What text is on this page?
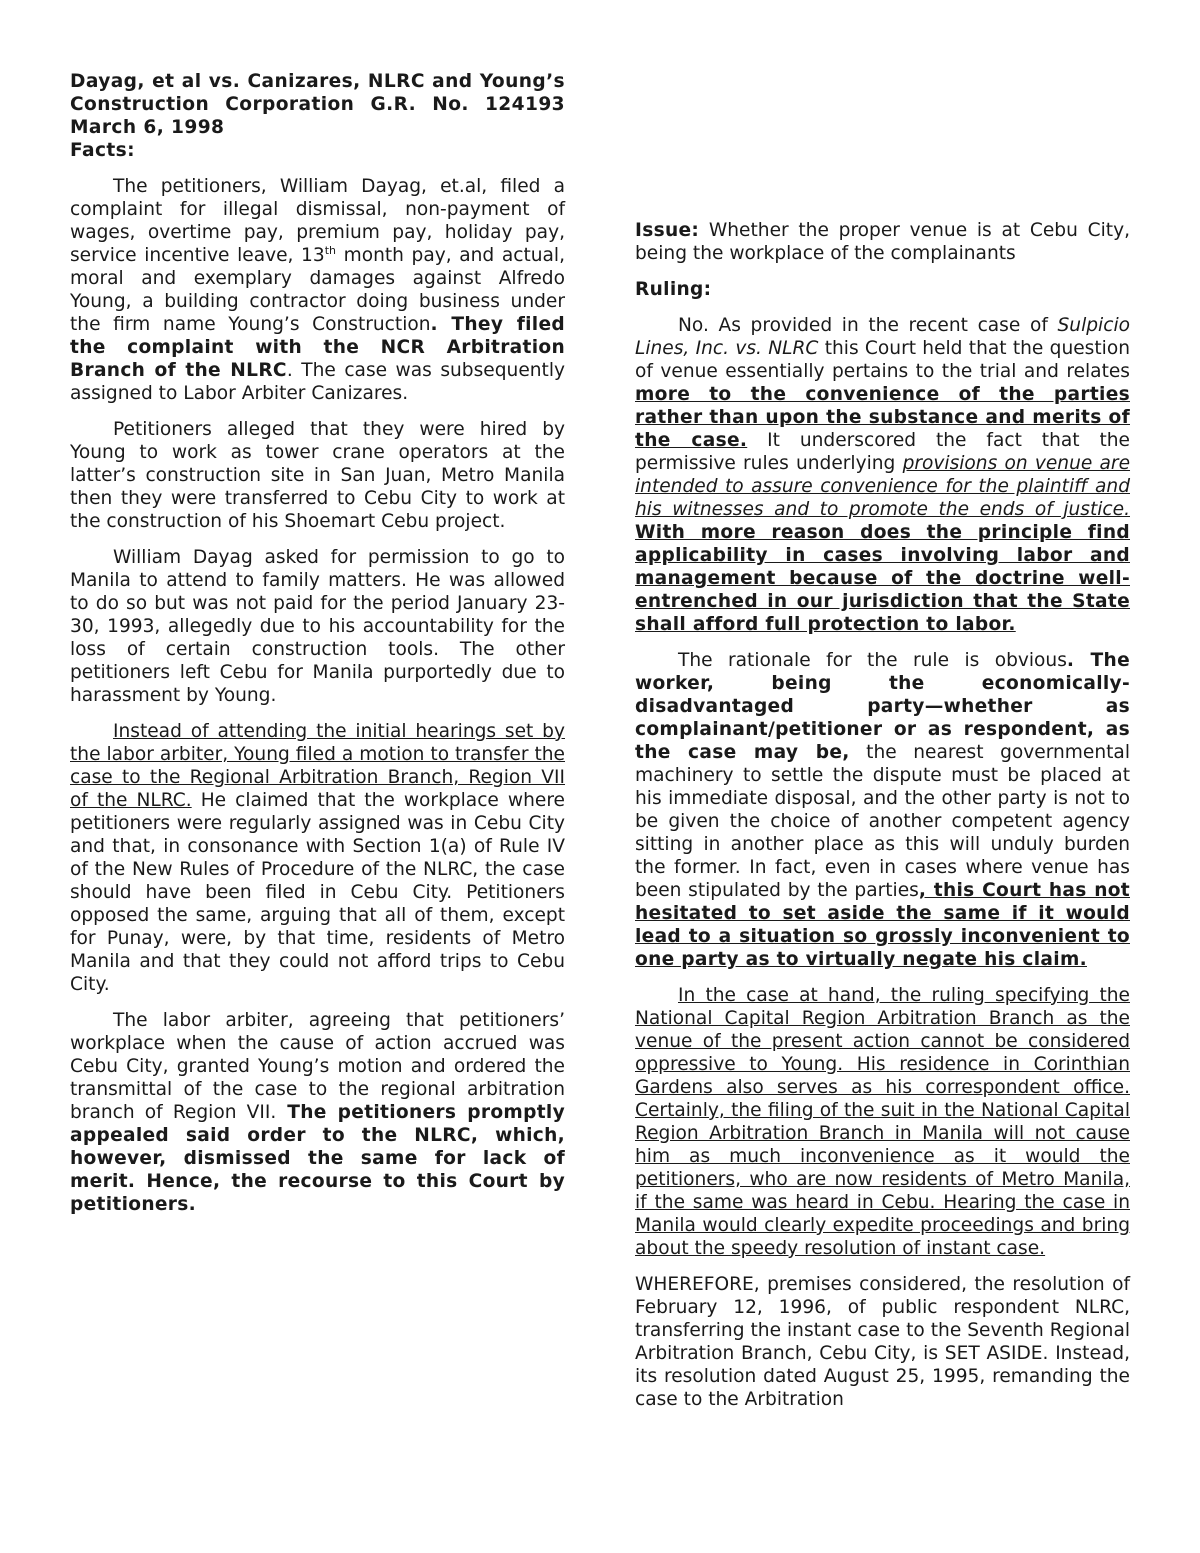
Dayag, et al vs. Canizares, NLRC and Young’s Construction Corporation G.R. No. 124193 March 6, 1998

Facts:

The petitioners, William Dayag, et.al, filed a complaint for illegal dismissal, non-payment of wages, overtime pay, premium pay, holiday pay, service incentive leave, 13th month pay, and actual, moral and exemplary damages against Alfredo Young, a building contractor doing business under the firm name Young’s Construction. They filed the complaint with the NCR Arbitration Branch of the NLRC. The case was subsequently assigned to Labor Arbiter Canizares.

Petitioners alleged that they were hired by Young to work as tower crane operators at the latter’s construction site in San Juan, Metro Manila then they were transferred to Cebu City to work at the construction of his Shoemart Cebu project.

William Dayag asked for permission to go to Manila to attend to family matters. He was allowed to do so but was not paid for the period January 23-30, 1993, allegedly due to his accountability for the loss of certain construction tools. The other petitioners left Cebu for Manila purportedly due to harassment by Young.

Instead of attending the initial hearings set by the labor arbiter, Young filed a motion to transfer the case to the Regional Arbitration Branch, Region VII of the NLRC. He claimed that the workplace where petitioners were regularly assigned was in Cebu City and that, in consonance with Section 1(a) of Rule IV of the New Rules of Procedure of the NLRC, the case should have been filed in Cebu City. Petitioners opposed the same, arguing that all of them, except for Punay, were, by that time, residents of Metro Manila and that they could not afford trips to Cebu City.

The labor arbiter, agreeing that petitioners’ workplace when the cause of action accrued was Cebu City, granted Young’s motion and ordered the transmittal of the case to the regional arbitration branch of Region VII. The petitioners promptly appealed said order to the NLRC, which, however, dismissed the same for lack of merit. Hence, the recourse to this Court by petitioners.

Issue: Whether the proper venue is at Cebu City, being the workplace of the complainants

Ruling:

No. As provided in the recent case of Sulpicio Lines, Inc. vs. NLRC this Court held that the question of venue essentially pertains to the trial and relates more to the convenience of the parties rather than upon the substance and merits of the case. It underscored the fact that the permissive rules underlying provisions on venue are intended to assure convenience for the plaintiff and his witnesses and to promote the ends of justice. With more reason does the principle find applicability in cases involving labor and management because of the doctrine well-entrenched in our jurisdiction that the State shall afford full protection to labor.

The rationale for the rule is obvious. The worker, being the economically-disadvantaged party—whether as complainant/petitioner or as respondent, as the case may be, the nearest governmental machinery to settle the dispute must be placed at his immediate disposal, and the other party is not to be given the choice of another competent agency sitting in another place as this will unduly burden the former. In fact, even in cases where venue has been stipulated by the parties, this Court has not hesitated to set aside the same if it would lead to a situation so grossly inconvenient to one party as to virtually negate his claim.

In the case at hand, the ruling specifying the National Capital Region Arbitration Branch as the venue of the present action cannot be considered oppressive to Young. His residence in Corinthian Gardens also serves as his correspondent office. Certainly, the filing of the suit in the National Capital Region Arbitration Branch in Manila will not cause him as much inconvenience as it would the petitioners, who are now residents of Metro Manila, if the same was heard in Cebu. Hearing the case in Manila would clearly expedite proceedings and bring about the speedy resolution of instant case.

WHEREFORE, premises considered, the resolution of February 12, 1996, of public respondent NLRC, transferring the instant case to the Seventh Regional Arbitration Branch, Cebu City, is SET ASIDE. Instead, its resolution dated August 25, 1995, remanding the case to the Arbitration
